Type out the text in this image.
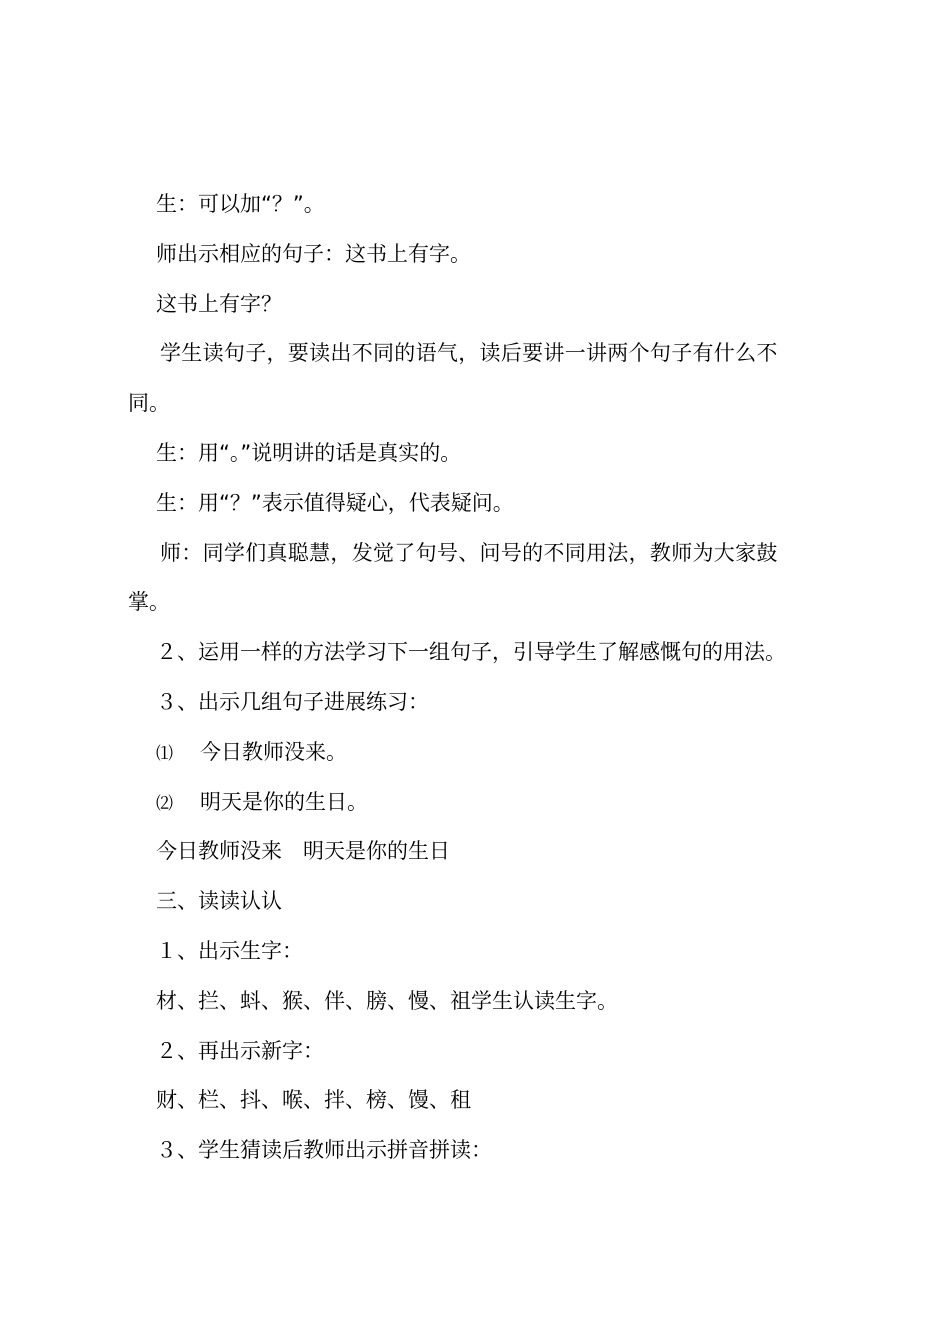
生：可以加“？”。
师出示相应的句子：这书上有字。
这书上有字？
学生读句子，要读出不同的语气，读后要讲一讲两个句子有什么不
同。
生：用“。”说明讲的话是真实的。
生：用“？”表示值得疑心，代表疑问。
师：同学们真聪慧，发觉了句号、问号的不同用法，教师为大家鼓
掌。
２、运用一样的方法学习下一组句子，引导学生了解感慨句的用法。
３、出示几组句子进展练习：
⑴ 今日教师没来。
⑵ 明天是你的生日。
今日教师没来　明天是你的生日
三、读读认认
１、出示生字：
材、拦、蚪、猴、伴、膀、慢、祖学生认读生字。
２、再出示新字：
财、栏、抖、喉、拌、榜、馒、租
３、学生猜读后教师出示拼音拼读：
